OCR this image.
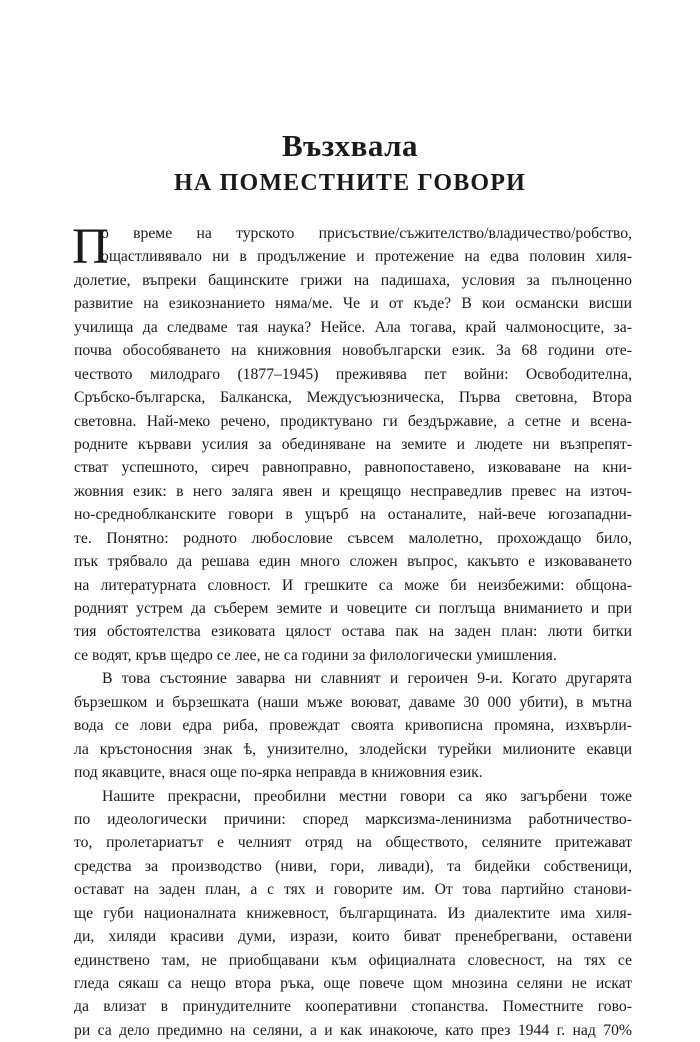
Възхвала
НА ПОМЕСТНИТЕ ГОВОРИ
П
о време на турското присъствие/съжителство/владичество/робство,
ощастливявало ни в продължение и протежение на едва половин хиля-
долетие, въпреки бащинските грижи на падишаха, условия за пълноценно
развитие на езикознанието няма/ме. Че и от къде? В кои османски висши
училища да следваме тая наука? Нейсе. Ала тогава, край чалмоносците, за-
почва обособяването на книжовния новобългарски език. За 68 години оте-
чеството милодраго (1877–1945) преживява пет войни: Освободителна,
Сръбско-българска, Балканска, Междусъюзническа, Първа световна, Втора
световна. Най-меко речено, продиктувано ги бездържавие, а сетне и всена-
родните кървави усилия за обединяване на земите и людете ни възпрепят-
стват успешното, сиреч равноправно, равнопоставено, изковаване на кни-
жовния език: в него заляга явен и крещящо несправедлив превес на източ-
но-средноблканските говори в ущърб на останалите, най-вече югозападни-
те. Понятно: родното любословие съвсем малолетно, прохождащо било,
пък трябвало да решава един много сложен въпрос, какъвто е изковаването
на литературната словност. И грешките са може би неизбежими: общона-
родният устрем да съберем земите и човеците си поглъща вниманието и при
тия обстоятелства езиковата цялост остава пак на заден план: люти битки
се водят, кръв щедро се лее, не са години за филологически умишления.
В това състояние заварва ни славният и героичен 9-и. Когато другарята
бързешком и бързешката (наши мъже воюват, даваме 30 000 убити), в мътна
вода се лови едра риба, провеждат своята кривописна промяна, изхвърли-
ла кръстоносния знак ѣ, унизително, злодейски турейки милионите екавци
под якавците, внася още по-ярка неправда в книжовния език.
Нашите прекрасни, преобилни местни говори са яко загърбени тоже
по идеологически причини: според марксизма-ленинизма работничество-
то, пролетариатът е челният отряд на обществото, селяните притежават
средства за производство (ниви, гори, ливади), та бидейки собственици,
остават на заден план, а с тях и говорите им. От това партийно станови-
ще губи националната книжевност, българщината. Из диалектите има хиля-
ди, хиляди красиви думи, изрази, които биват пренебрегвани, оставени
единствено там, не приобщавани към официалната словесност, на тях се
гледа сякаш са нещо втора ръка, още повече щом мнозина селяни не искат
да влизат в принудителните кооперативни стопанства. Поместните гово-
ри са дело предимно на селяни, а и как инакоюче, като през 1944 г. над 70%
